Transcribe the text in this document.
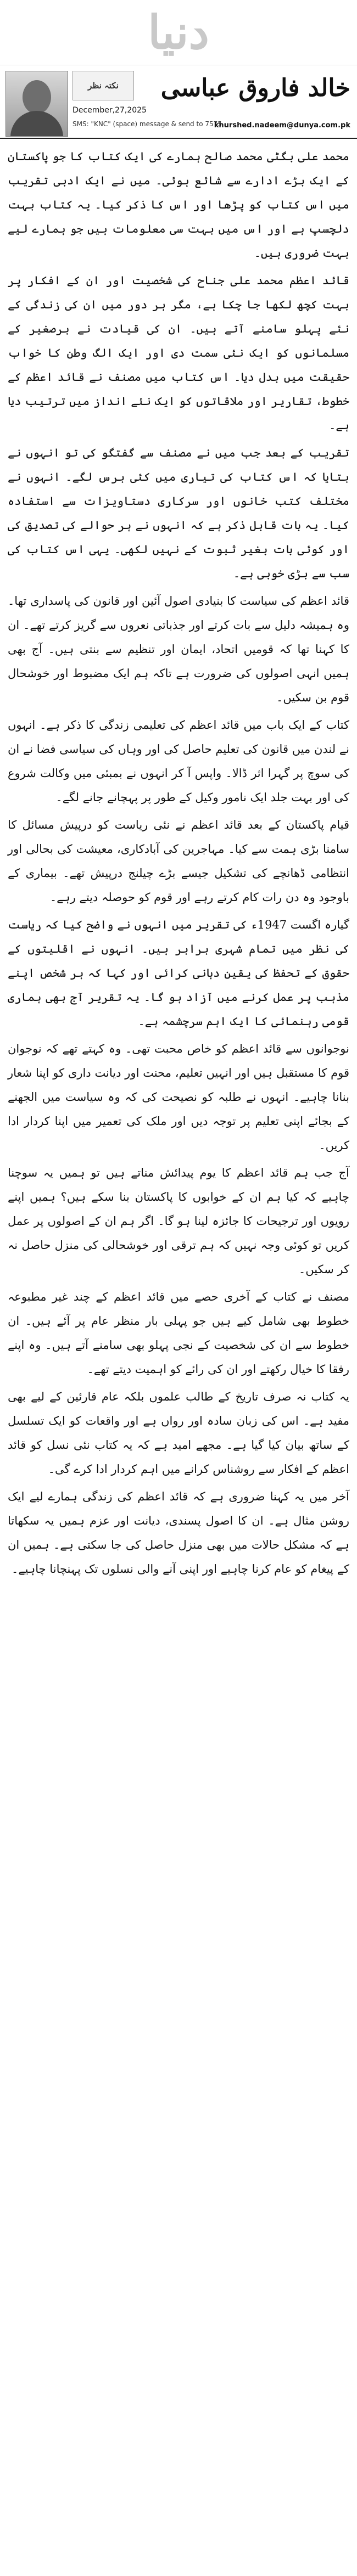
دنیا
نکتہ نظر	خالد فاروق عباسی
December,27,2025
SMS: "KNC" (space) message & send to 7575
khurshed.nadeem@dunya.com.pk

محمد علی بگٹی محمد صالح ہمارے کی ایک کتاب کا جو پاکستان کے ایک بڑے ادارے سے شائع ہوئی۔ میں نے ایک ادبی تقریب میں اس کتاب کو پڑھا اور اس کا ذکر کیا۔ یہ کتاب بہت دلچسپ ہے اور اس میں بہت سی معلومات ہیں جو ہمارے لیے بہت ضروری ہیں۔

قائد اعظم محمد علی جناح کی شخصیت اور ان کے افکار پر بہت کچھ لکھا جا چکا ہے، مگر ہر دور میں ان کی زندگی کے نئے پہلو سامنے آتے ہیں۔ ان کی قیادت نے برصغیر کے مسلمانوں کو ایک نئی سمت دی اور ایک الگ وطن کا خواب حقیقت میں بدل دیا۔ اس کتاب میں مصنف نے قائد اعظم کے خطوط، تقاریر اور ملاقاتوں کو ایک نئے انداز میں ترتیب دیا ہے۔

تقریب کے بعد جب میں نے مصنف سے گفتگو کی تو انہوں نے بتایا کہ اس کتاب کی تیاری میں کئی برس لگے۔ انہوں نے مختلف کتب خانوں اور سرکاری دستاویزات سے استفادہ کیا۔ یہ بات قابل ذکر ہے کہ انہوں نے ہر حوالے کی تصدیق کی اور کوئی بات بغیر ثبوت کے نہیں لکھی۔ یہی اس کتاب کی سب سے بڑی خوبی ہے۔

قائد اعظم کی سیاست کا بنیادی اصول آئین اور قانون کی پاسداری تھا۔ وہ ہمیشہ دلیل سے بات کرتے اور جذباتی نعروں سے گریز کرتے تھے۔ ان کا کہنا تھا کہ قومیں اتحاد، ایمان اور تنظیم سے بنتی ہیں۔ آج بھی ہمیں انہی اصولوں کی ضرورت ہے تاکہ ہم ایک مضبوط اور خوشحال قوم بن سکیں۔

کتاب کے ایک باب میں قائد اعظم کی تعلیمی زندگی کا ذکر ہے۔ انہوں نے لندن میں قانون کی تعلیم حاصل کی اور وہاں کی سیاسی فضا نے ان کی سوچ پر گہرا اثر ڈالا۔ واپس آ کر انہوں نے بمبئی میں وکالت شروع کی اور بہت جلد ایک نامور وکیل کے طور پر پہچانے جانے لگے۔

قیام پاکستان کے بعد قائد اعظم نے نئی ریاست کو درپیش مسائل کا سامنا بڑی ہمت سے کیا۔ مہاجرین کی آبادکاری، معیشت کی بحالی اور انتظامی ڈھانچے کی تشکیل جیسے بڑے چیلنج درپیش تھے۔ بیماری کے باوجود وہ دن رات کام کرتے رہے اور قوم کو حوصلہ دیتے رہے۔

گیارہ اگست 1947ء کی تقریر میں انہوں نے واضح کیا کہ ریاست کی نظر میں تمام شہری برابر ہیں۔ انہوں نے اقلیتوں کے حقوق کے تحفظ کی یقین دہانی کرائی اور کہا کہ ہر شخص اپنے مذہب پر عمل کرنے میں آزاد ہو گا۔ یہ تقریر آج بھی ہماری قومی رہنمائی کا ایک اہم سرچشمہ ہے۔

نوجوانوں سے قائد اعظم کو خاص محبت تھی۔ وہ کہتے تھے کہ نوجوان قوم کا مستقبل ہیں اور انہیں تعلیم، محنت اور دیانت داری کو اپنا شعار بنانا چاہیے۔ انہوں نے طلبہ کو نصیحت کی کہ وہ سیاست میں الجھنے کے بجائے اپنی تعلیم پر توجہ دیں اور ملک کی تعمیر میں اپنا کردار ادا کریں۔

آج جب ہم قائد اعظم کا یوم پیدائش مناتے ہیں تو ہمیں یہ سوچنا چاہیے کہ کیا ہم ان کے خوابوں کا پاکستان بنا سکے ہیں؟ ہمیں اپنے رویوں اور ترجیحات کا جائزہ لینا ہو گا۔ اگر ہم ان کے اصولوں پر عمل کریں تو کوئی وجہ نہیں کہ ہم ترقی اور خوشحالی کی منزل حاصل نہ کر سکیں۔

مصنف نے کتاب کے آخری حصے میں قائد اعظم کے چند غیر مطبوعہ خطوط بھی شامل کیے ہیں جو پہلی بار منظر عام پر آئے ہیں۔ ان خطوط سے ان کی شخصیت کے نجی پہلو بھی سامنے آتے ہیں۔ وہ اپنے رفقا کا خیال رکھتے اور ان کی رائے کو اہمیت دیتے تھے۔

یہ کتاب نہ صرف تاریخ کے طالب علموں بلکہ عام قارئین کے لیے بھی مفید ہے۔ اس کی زبان سادہ اور رواں ہے اور واقعات کو ایک تسلسل کے ساتھ بیان کیا گیا ہے۔ مجھے امید ہے کہ یہ کتاب نئی نسل کو قائد اعظم کے افکار سے روشناس کرانے میں اہم کردار ادا کرے گی۔

آخر میں یہ کہنا ضروری ہے کہ قائد اعظم کی زندگی ہمارے لیے ایک روشن مثال ہے۔ ان کا اصول پسندی، دیانت اور عزم ہمیں یہ سکھاتا ہے کہ مشکل حالات میں بھی منزل حاصل کی جا سکتی ہے۔ ہمیں ان کے پیغام کو عام کرنا چاہیے اور اپنی آنے والی نسلوں تک پہنچانا چاہیے۔
